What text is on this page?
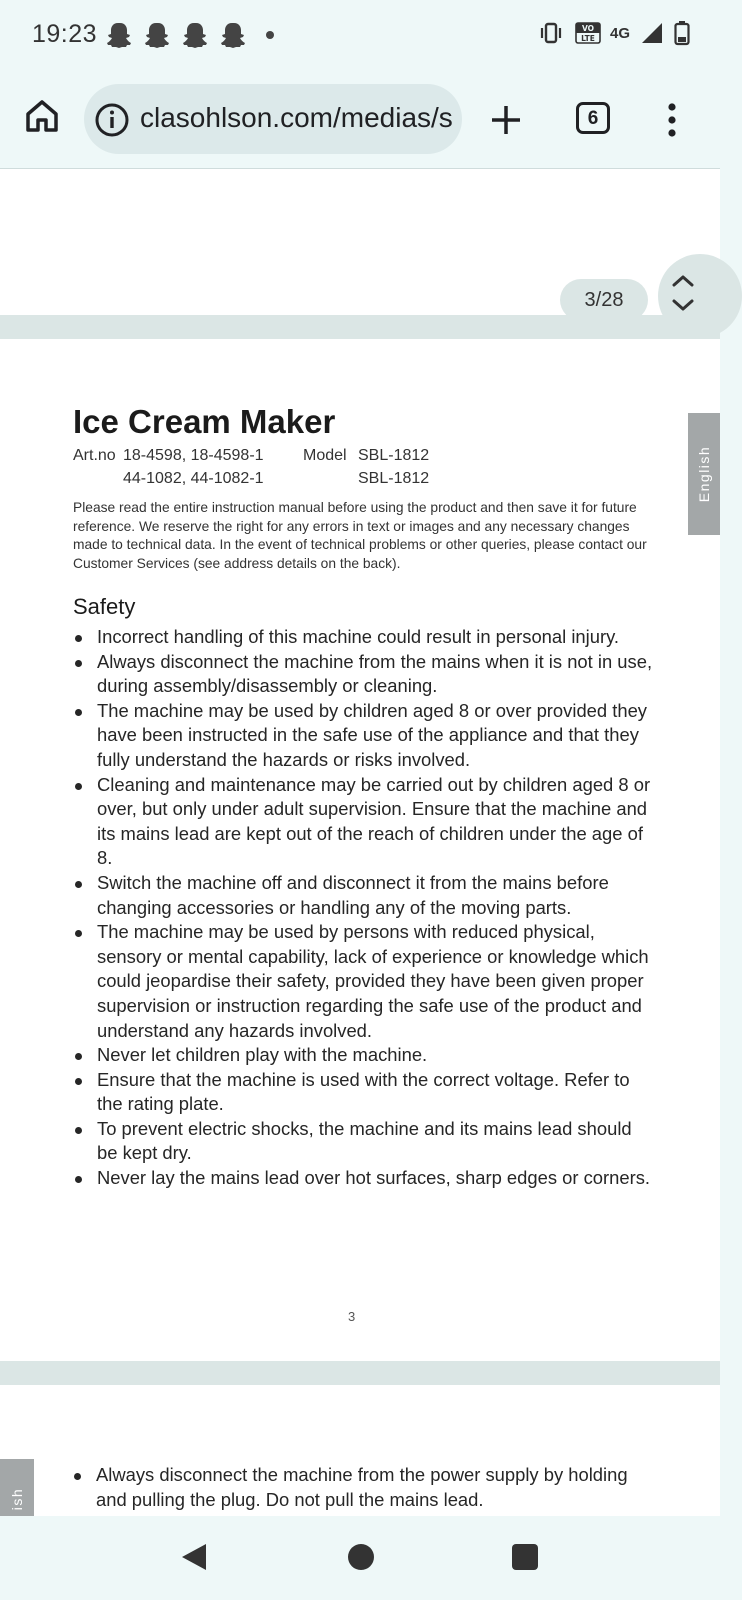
19:23	VO
LTE 4G
clasohlson.com/medias/s	6
3/28
English
Ice Cream Maker
Art.no 18-4598, 18-4598-1
44-1082, 44-1082-1
Model SBL-1812
SBL-1812
Please read the entire instruction manual before using the product and then save it for future reference. We reserve the right for any errors in text or images and any necessary changes made to technical data. In the event of technical problems or other queries, please contact our Customer Services (see address details on the back).
Safety
Incorrect handling of this machine could result in personal injury.
Always disconnect the machine from the mains when it is not in use, during assembly/disassembly or cleaning.
The machine may be used by children aged 8 or over provided they have been instructed in the safe use of the appliance and that they fully understand the hazards or risks involved.
Cleaning and maintenance may be carried out by children aged 8 or over, but only under adult supervision. Ensure that the machine and its mains lead are kept out of the reach of children under the age of 8.
Switch the machine off and disconnect it from the mains before changing accessories or handling any of the moving parts.
The machine may be used by persons with reduced physical, sensory or mental capability, lack of experience or knowledge which could jeopardise their safety, provided they have been given proper supervision or instruction regarding the safe use of the product and understand any hazards involved.
Never let children play with the machine.
Ensure that the machine is used with the correct voltage. Refer to the rating plate.
To prevent electric shocks, the machine and its mains lead should be kept dry.
Never lay the mains lead over hot surfaces, sharp edges or corners.
3
ish
Always disconnect the machine from the power supply by holding and pulling the plug. Do not pull the mains lead.
